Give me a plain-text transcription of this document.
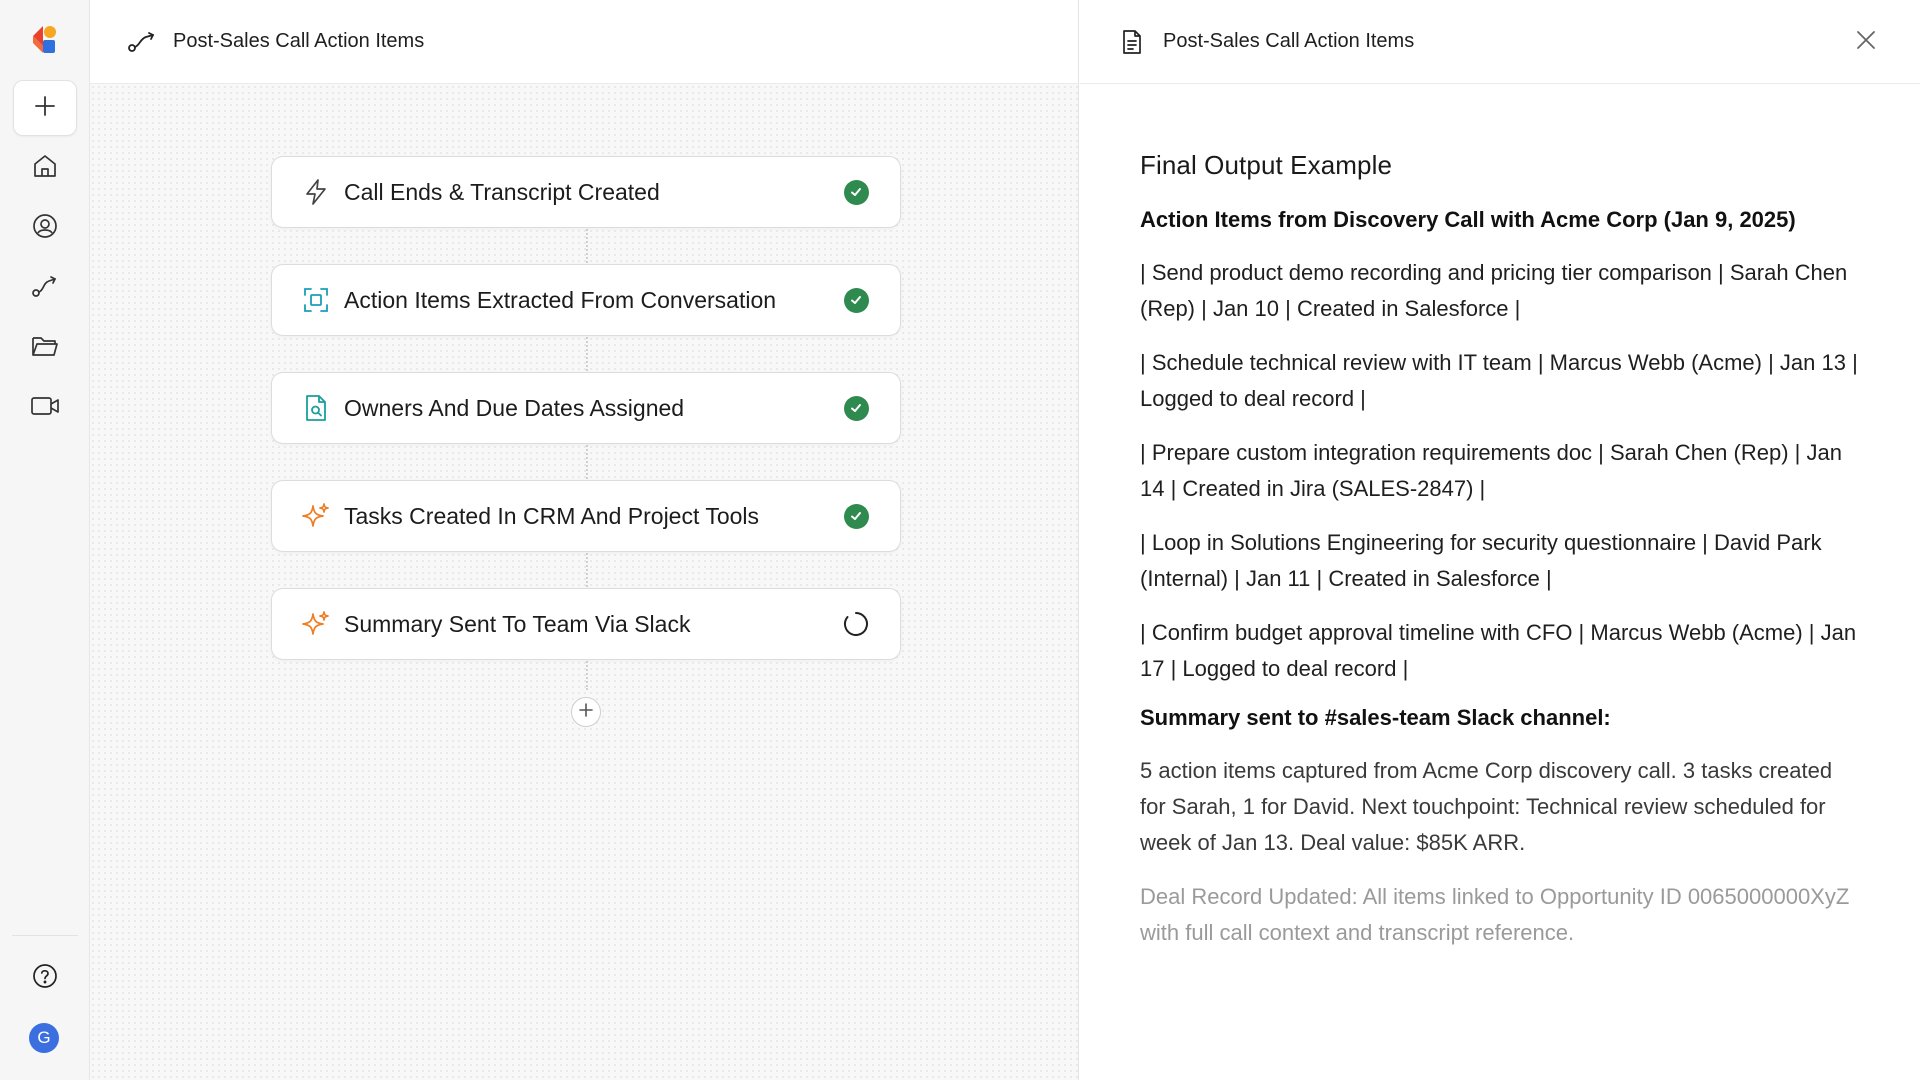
G
Post-Sales Call Action Items
Call Ends & Transcript Created
Action Items Extracted From Conversation
Owners And Due Dates Assigned
Tasks Created In CRM And Project Tools
Summary Sent To Team Via Slack
Post-Sales Call Action Items
Final Output Example
Action Items from Discovery Call with Acme Corp (Jan 9, 2025)

| Send product demo recording and pricing tier comparison | Sarah Chen (Rep) | Jan 10 | Created in Salesforce |

| Schedule technical review with IT team | Marcus Webb (Acme) | Jan 13 | Logged to deal record |

| Prepare custom integration requirements doc | Sarah Chen (Rep) | Jan 14 | Created in Jira (SALES-2847) |

| Loop in Solutions Engineering for security questionnaire | David Park (Internal) | Jan 11 | Created in Salesforce |

| Confirm budget approval timeline with CFO | Marcus Webb (Acme) | Jan 17 | Logged to deal record |

Summary sent to #sales-team Slack channel:

5 action items captured from Acme Corp discovery call. 3 tasks created for Sarah, 1 for David. Next touchpoint: Technical review scheduled for week of Jan 13. Deal value: $85K ARR.

Deal Record Updated: All items linked to Opportunity ID 0065000000XyZ with full call context and transcript reference.
